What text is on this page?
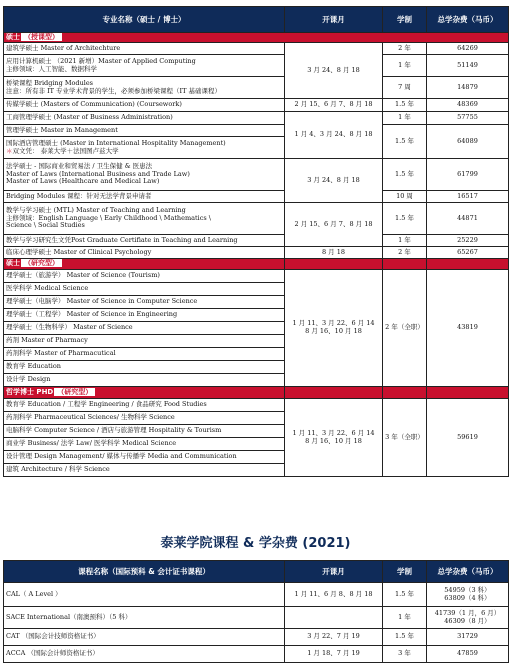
专业名称（硕士 / 博士）	开课月	学制	总学杂费（马币）
硕士 （授课型）			
建筑学硕士 Master of Architechture	3 月 24、8 月 18	2 年	64269

应用计算机硕士 （2021 新增）Master of Applied Computing
主修领域：人工智能、数据科学		1 年	51149

桥梁课程 Bridging Modules
注意：所有非 IT 专业学术背景的学生，必须参加桥梁课程（IT 基础课程）		7 周	14879
传媒学硕士 (Masters of Communication) (Coursework)	2 月 15、6 月 7、8 月 18	1.5 年	48369
工商管理学硕士 (Master of Business Administration)	1 月 4、3 月 24、8 月 18	1 年	57755
管理学硕士 Master in Management		1.5 年	64089

国际酒店管理硕士 (Master in International Hospitality Management)
＊双文凭： 泰莱大学＋法国图卢兹大学			

法学硕士 - 国际商业和贸易法 / 卫生保健 & 医患法
Master of Laws (International Business and Trade Law)
Master of Laws (Healthcare and Medical Law)	3 月 24、8 月 18	1.5 年	61799
Bridging Modules 课程：针对无法学背景申请者		10 周	16517

教学与学习硕士 (MTL) Master of Teaching and Learning
主修领域：English Language \ Early Childhood \ Mathematics \
Science \ Social Studies	2 月 15、6 月 7、8 月 18	1.5 年	44871
教学与学习研究生文凭Post Graduate Certifiate in Teaching and Learning		1 年	25229
临床心理学硕士 Master of Clinical Psychology	8 月 18	2 年	65267
硕士 （研究型）			
理学硕士（旅游学） Master of Science (Tourism)	1 月 11、3 月 22、6 月 14
8 月 16、10 月 18	2 年（全职）	43819
医学科学 Medical Science			
理学硕士（电脑学） Master of Science in Computer Science			
理学硕士（工程学） Master of Science in Engineering			
理学硕士（生物科学） Master of Science			
药剂 Master of Pharmacy			
药剂科学 Master of Pharmacutical			
教育学 Education			
设计学 Design			
哲学博士 PHD （研究型）			
教育学 Education / 工程学 Engineering / 食品研究 Food Studies	1 月 11、3 月 22、6 月 14
8 月 16、10 月 18	3 年（全职）	59619
药剂科学 Pharmaceutical Sciences/ 生物科学 Science			
电脑科学 Computer Science / 酒店与旅游管理 Hospitality & Tourism			
商业学 Business/ 法学 Law/ 医学科学 Medical Science			
设计管理 Design Management/ 媒体与传播学 Media and Communication			
建筑 Architecture / 科学 Science			
泰莱学院课程 & 学杂费 (2021)
课程名称（国际预科 & 会计证书课程）	开课月	学制	总学杂费（马币）
CAL（ A Level ）	1 月 11、6 月 8、8 月 18	1.5 年	54959（3 科）
63809（4 科）

SACE International（南澳预科）（5 科）		1 年	41739（1 月，6 月）
46309（8 月）

CAT （国际会计技师资格证书）	3 月 22、7 月 19	1.5 年	31729
ACCA （国际会计师资格证书）	1 月 18、7 月 19	3 年	47859
